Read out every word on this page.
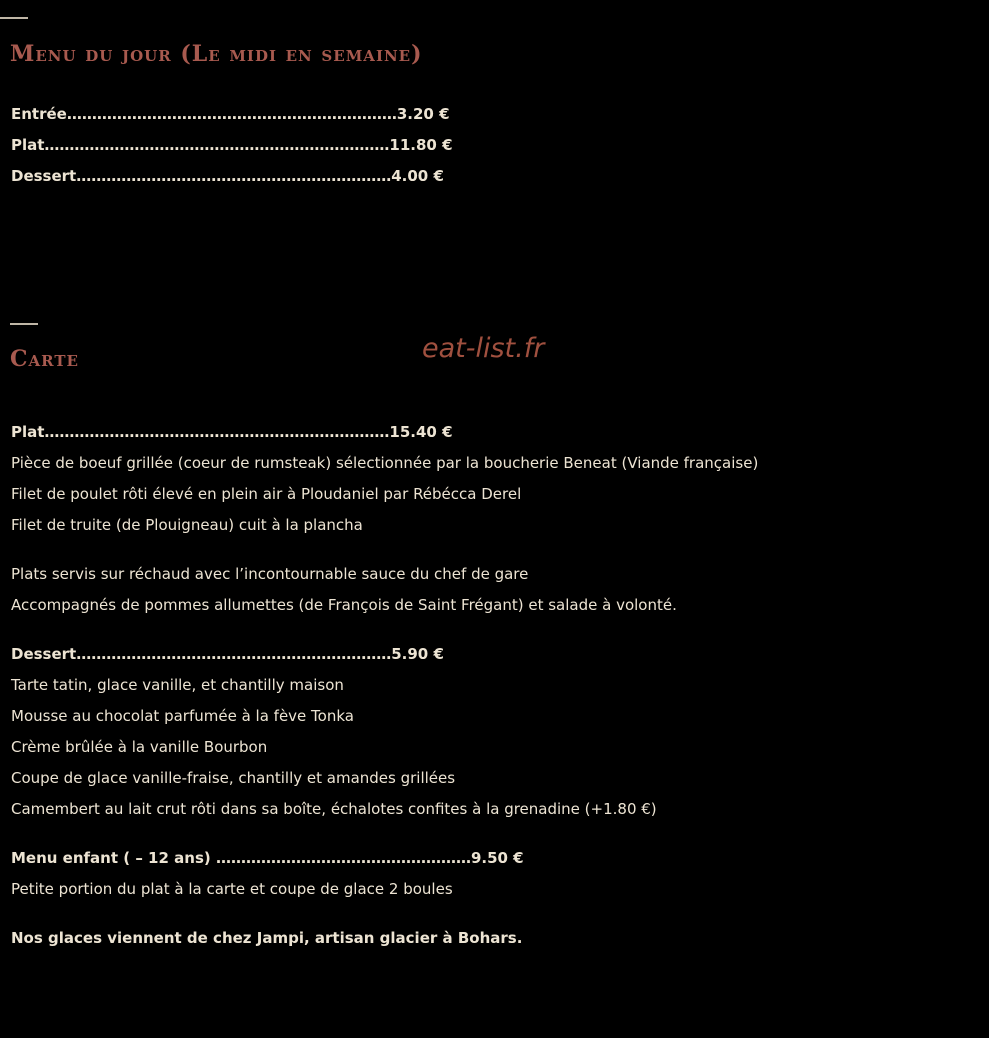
Menu du jour (Le midi en semaine)
Entrée…………………………………………………………3.20 €
Plat……………………………………………………………11.80 €
Dessert………………………………………………………4.00 €
Carte	eat-list.fr
Plat……………………………………………………………15.40 €
Pièce de boeuf grillée (coeur de rumsteak) sélectionnée par la boucherie Beneat (Viande française)
Filet de poulet rôti élevé en plein air à Ploudaniel par Rébécca Derel
Filet de truite (de Plouigneau) cuit à la plancha
Plats servis sur réchaud avec l’incontournable sauce du chef de gare
Accompagnés de pommes allumettes (de François de Saint Frégant) et salade à volonté.
Dessert………………………………………………………5.90 €
Tarte tatin, glace vanille, et chantilly maison
Mousse au chocolat parfumée à la fève Tonka
Crème brûlée à la vanille Bourbon
Coupe de glace vanille-fraise, chantilly et amandes grillées
Camembert au lait crut rôti dans sa boîte, échalotes confites à la grenadine (+1.80 €)
Menu enfant ( – 12 ans) ……………………………………………9.50 €
Petite portion du plat à la carte et coupe de glace 2 boules
Nos glaces viennent de chez Jampi, artisan glacier à Bohars.
